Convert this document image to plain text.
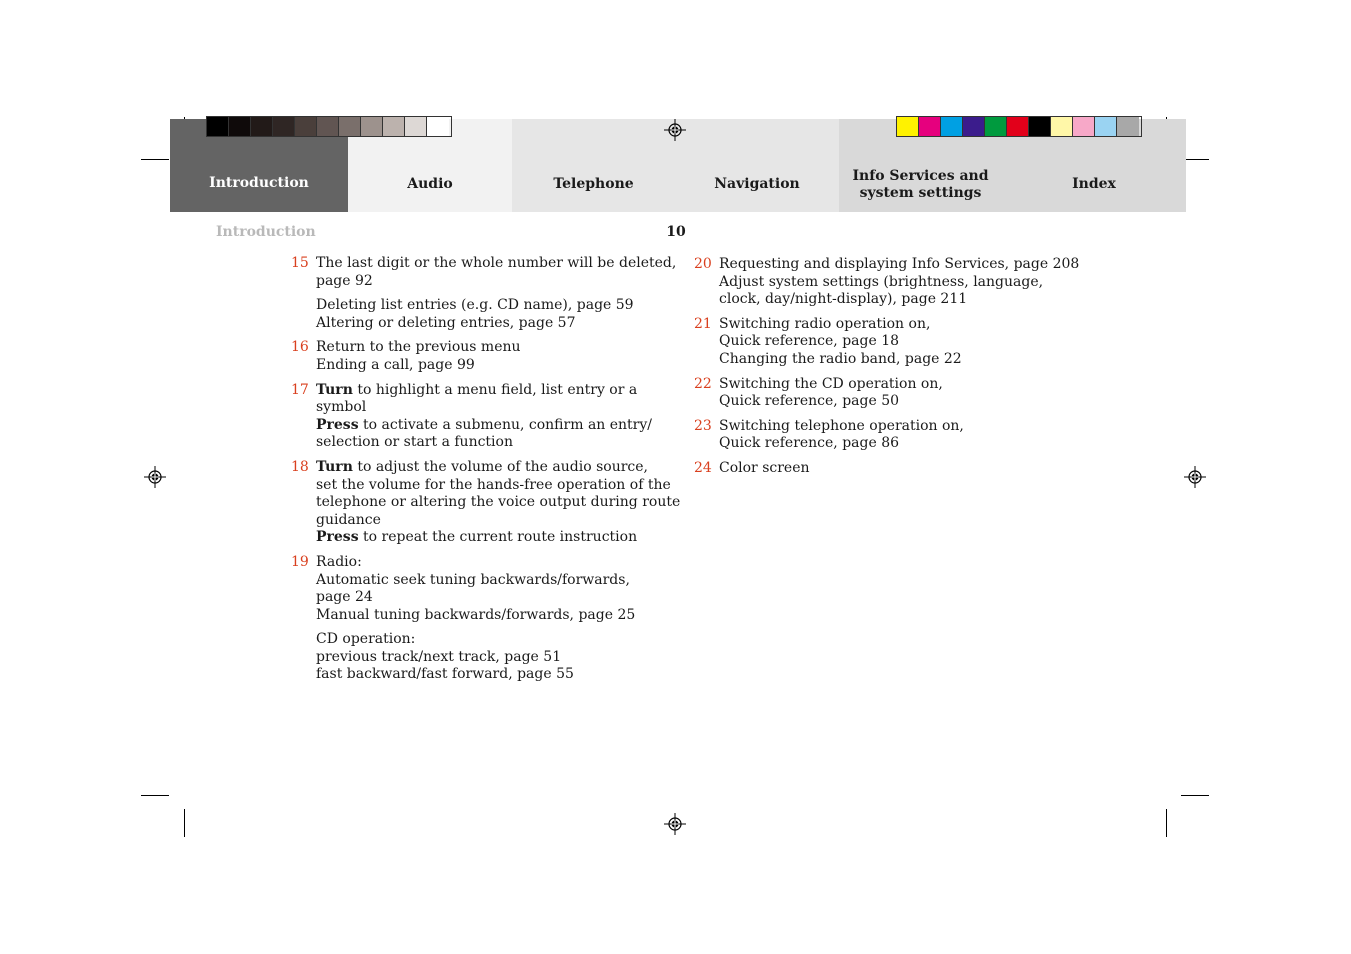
Introduction	Audio	Telephone	Navigation	Info Services and
system settings
Index
Introduction	10
15 The last digit or the whole number will be deleted,
page 92
Deleting list entries (e.g. CD name), page 59
Altering or deleting entries, page 57
16 Return to the previous menu
Ending a call, page 99
17 Turn to highlight a menu field, list entry or a
symbol
Press to activate a submenu, confirm an entry/
selection or start a function
18 Turn to adjust the volume of the audio source,
set the volume for the hands-free operation of the
telephone or altering the voice output during route
guidance
Press to repeat the current route instruction
19 Radio:
Automatic seek tuning backwards/forwards,
page 24
Manual tuning backwards/forwards, page 25
CD operation:
previous track/next track, page 51
fast backward/fast forward, page 55
20 Requesting and displaying Info Services, page 208
Adjust system settings (brightness, language,
clock, day/night-display), page 211
21 Switching radio operation on,
Quick reference, page 18
Changing the radio band, page 22
22 Switching the CD operation on,
Quick reference, page 50
23 Switching telephone operation on,
Quick reference, page 86
24 Color screen
